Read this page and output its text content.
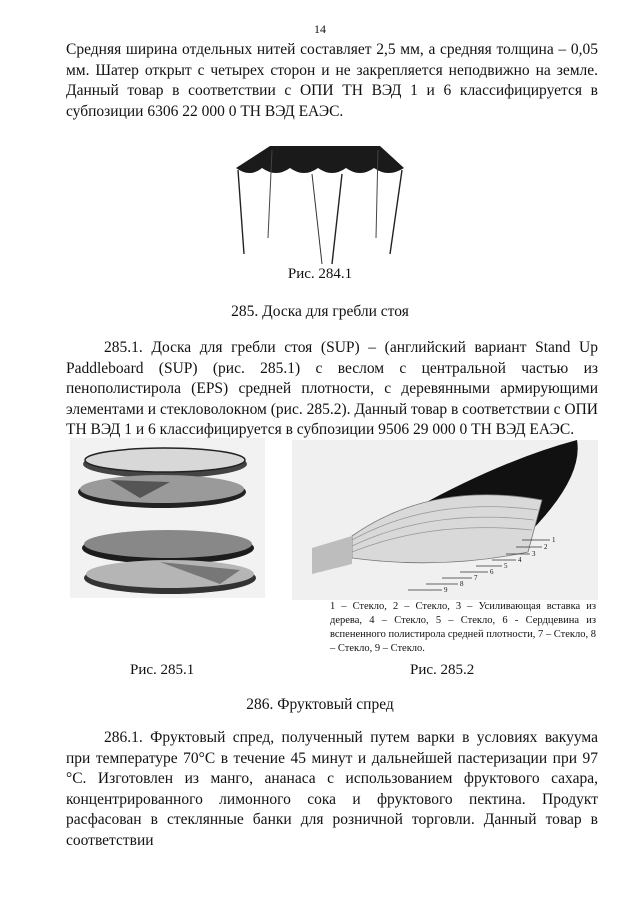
14

Средняя ширина отдельных нитей составляет 2,5 мм, а средняя толщина – 0,05 мм. Шатер открыт с четырех сторон и не закрепляется неподвижно на земле. Данный товар в соответствии с ОПИ ТН ВЭД 1 и 6 классифицируется в субпозиции 6306 22 000 0 ТН ВЭД ЕАЭС.

Рис. 284.1
285. Доска для гребли стоя

285.1. Доска для гребли стоя (SUP) – (английский вариант Stand Up Paddleboard (SUP) (рис. 285.1) с веслом с центральной частью из пенополистирола (EPS) средней плотности, с деревянными армирующими элементами и стекловолокном (рис. 285.2). Данный товар в соответствии с ОПИ ТН ВЭД 1 и 6 классифицируется в субпозиции 9506 29 000 0 ТН ВЭД ЕАЭС.

1
2
3
4
5
6
7
8
9
1 – Стекло, 2 – Стекло, 3 – Усиливающая вставка из дерева, 4 – Стекло, 5 – Стекло, 6 - Сердцевина из вспененного полистирола средней плотности, 7 – Стекло, 8 – Стекло, 9 – Стекло.
Рис. 285.1	Рис. 285.2
286. Фруктовый спред

286.1. Фруктовый спред, полученный путем варки в условиях вакуума при температуре 70°С в течение 45 минут и дальнейшей пастеризации при 97 °С. Изготовлен из манго, ананаса с использованием фруктового сахара, концентрированного лимонного сока и фруктового пектина. Продукт расфасован в стеклянные банки для розничной торговли. Данный товар в соответствии
